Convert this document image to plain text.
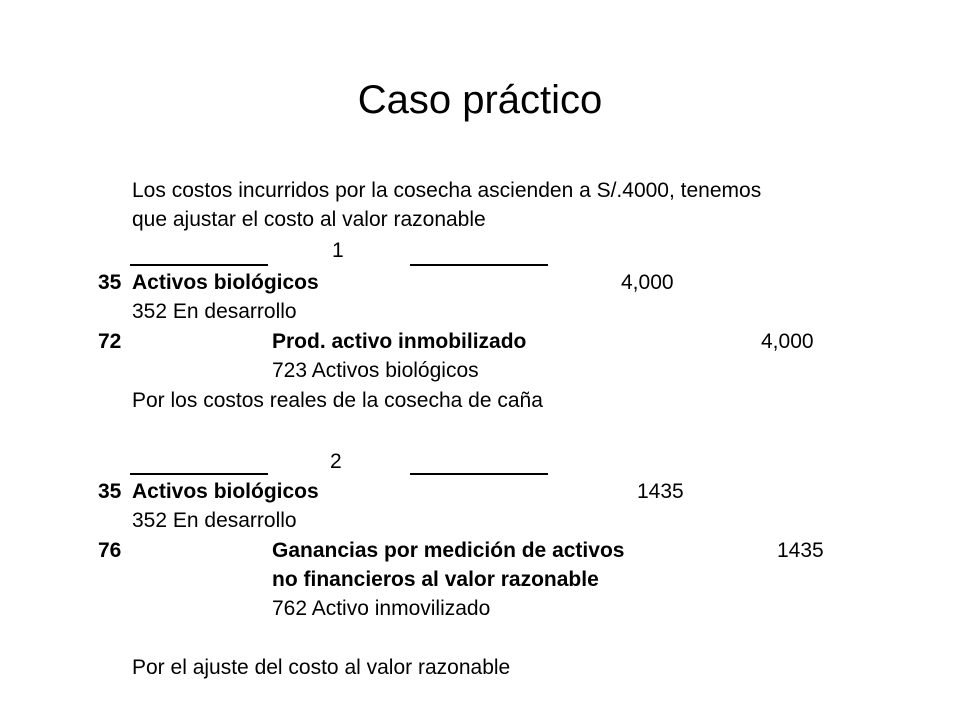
Caso práctico
Los costos incurridos por la cosecha ascienden a S/.4000, tenemos
que ajustar el costo al valor razonable
1
35 Activos biológicos	4,000
352 En desarrollo
72	Prod. activo inmobilizado	4,000
723 Activos biológicos
Por los costos reales de la cosecha de caña
2
35 Activos biológicos	1435
352 En desarrollo
76	Ganancias por medición de activos	1435
no financieros al valor razonable
762 Activo inmovilizado
Por el ajuste del costo al valor razonable
